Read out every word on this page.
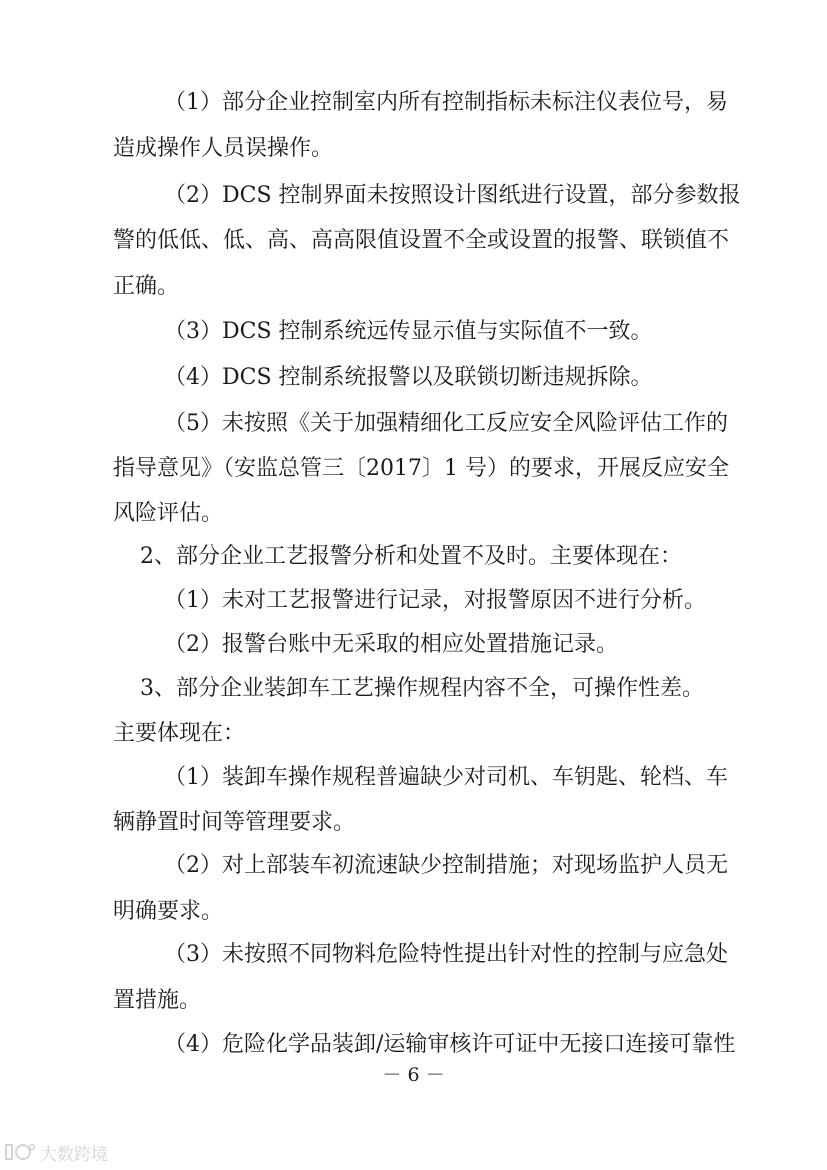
（1）部分企业控制室内所有控制指标未标注仪表位号，易
造成操作人员误操作。
（2）DCS 控制界面未按照设计图纸进行设置，部分参数报
警的低低、低、高、高高限值设置不全或设置的报警、联锁值不
正确。
（3）DCS 控制系统远传显示值与实际值不一致。
（4）DCS 控制系统报警以及联锁切断违规拆除。
（5）未按照《关于加强精细化工反应安全风险评估工作的
指导意见》（安监总管三〔2017〕1 号）的要求，开展反应安全
风险评估。
2、部分企业工艺报警分析和处置不及时。主要体现在：
（1）未对工艺报警进行记录，对报警原因不进行分析。
（2）报警台账中无采取的相应处置措施记录。
3、部分企业装卸车工艺操作规程内容不全，可操作性差。
主要体现在：
（1）装卸车操作规程普遍缺少对司机、车钥匙、轮档、车
辆静置时间等管理要求。
（2）对上部装车初流速缺少控制措施；对现场监护人员无
明确要求。
（3）未按照不同物料危险特性提出针对性的控制与应急处
置措施。
（4）危险化学品装卸/运输审核许可证中无接口连接可靠性
－ 6 －
大数跨境
